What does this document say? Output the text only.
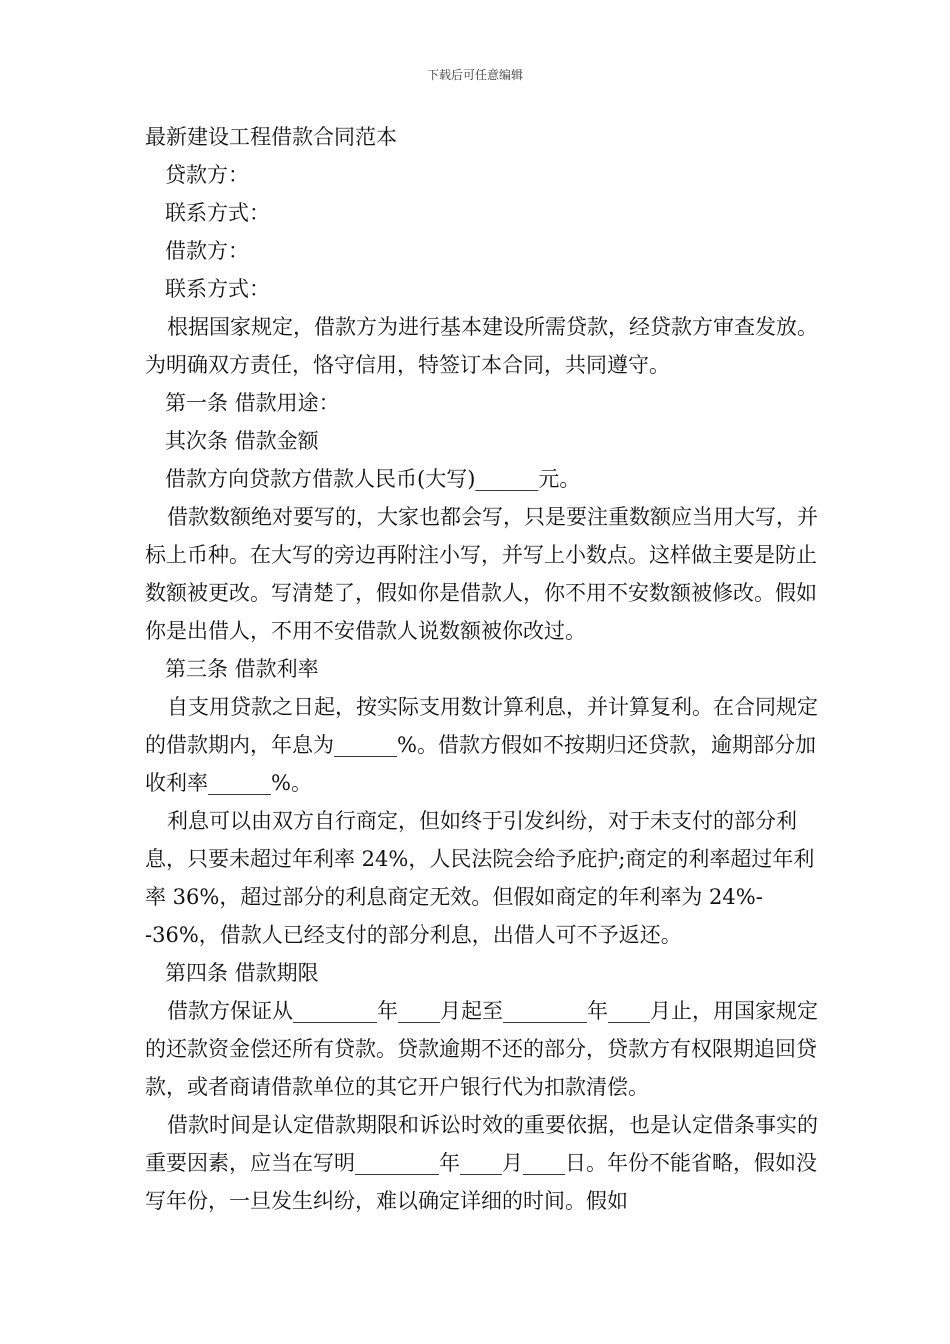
下载后可任意编辑

最新建设工程借款合同范本

贷款方：

联系方式：

借款方：

联系方式：

根据国家规定，借款方为进行基本建设所需贷款，经贷款方审查发放。为明确双方责任，恪守信用，特签订本合同，共同遵守。

第一条 借款用途：

其次条 借款金额

借款方向贷款方借款人民币(大写)______元。

借款数额绝对要写的，大家也都会写，只是要注重数额应当用大写，并标上币种。在大写的旁边再附注小写，并写上小数点。这样做主要是防止数额被更改。写清楚了，假如你是借款人，你不用不安数额被修改。假如你是出借人，不用不安借款人说数额被你改过。

第三条 借款利率

自支用贷款之日起，按实际支用数计算利息，并计算复利。在合同规定的借款期内，年息为______%。借款方假如不按期归还贷款，逾期部分加收利率______%。

利息可以由双方自行商定，但如终于引发纠纷，对于未支付的部分利息，只要未超过年利率 24%，人民法院会给予庇护;商定的利率超过年利率 36%，超过部分的利息商定无效。但假如商定的年利率为 24%--36%，借款人已经支付的部分利息，出借人可不予返还。

第四条 借款期限

借款方保证从________年____月起至________年____月止，用国家规定的还款资金偿还所有贷款。贷款逾期不还的部分，贷款方有权限期追回贷款，或者商请借款单位的其它开户银行代为扣款清偿。

借款时间是认定借款期限和诉讼时效的重要依据，也是认定借条事实的重要因素，应当在写明________年____月____日。年份不能省略，假如没写年份，一旦发生纠纷，难以确定详细的时间。假如
